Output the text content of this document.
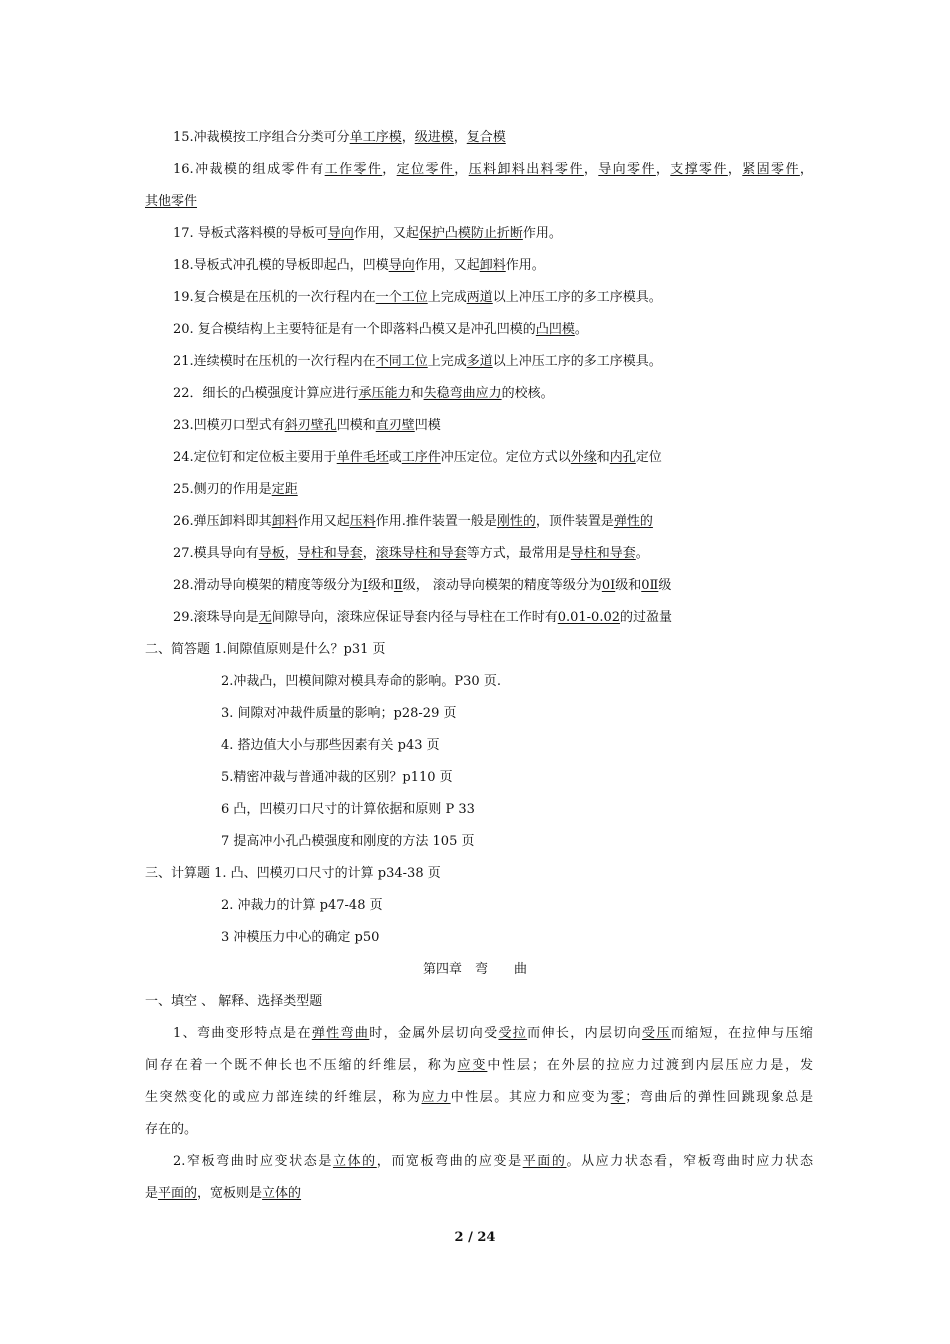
15.冲裁模按工序组合分类可分单工序模，级进模，复合模
16.冲裁模的组成零件有工作零件，定位零件，压料卸料出料零件，导向零件，支撑零件，紧固零件，
其他零件
17. 导板式落料模的导板可导向作用，又起保护凸模防止折断作用。
18.导板式冲孔模的导板即起凸，凹模导向作用，又起卸料作用。
19.复合模是在压机的一次行程内在一个工位上完成两道以上冲压工序的多工序模具。
20. 复合模结构上主要特征是有一个即落料凸模又是冲孔凹模的凸凹模。
21.连续模时在压机的一次行程内在不同工位上完成多道以上冲压工序的多工序模具。
22．细长的凸模强度计算应进行承压能力和失稳弯曲应力的校核。
23.凹模刃口型式有斜刃壁孔凹模和直刃壁凹模
24.定位钉和定位板主要用于单件毛坯或工序件冲压定位。定位方式以外缘和内孔定位
25.侧刃的作用是定距
26.弹压卸料即其卸料作用又起压料作用.推件装置一般是刚性的，顶件装置是弹性的
27.模具导向有导板，导柱和导套，滚珠导柱和导套等方式，最常用是导柱和导套。
28.滑动导向模架的精度等级分为Ⅰ级和Ⅱ级， 滚动导向模架的精度等级分为0Ⅰ级和0Ⅱ级
29.滚珠导向是无间隙导向，滚珠应保证导套内径与导柱在工作时有0.01-0.02的过盈量
二、简答题 1.间隙值原则是什么？p31 页
2.冲裁凸，凹模间隙对模具寿命的影响。P30 页.
3. 间隙对冲裁件质量的影响；p28-29 页
4. 搭边值大小与那些因素有关 p43 页
5.精密冲裁与普通冲裁的区别？p110 页
6 凸，凹模刃口尺寸的计算依据和原则 P 33
7 提高冲小孔凸模强度和刚度的方法 105 页
三、计算题 1. 凸、凹模刃口尺寸的计算 p34-38 页
2. 冲裁力的计算 p47-48 页
3 冲模压力中心的确定 p50
第四章　弯　　曲
一、填空 、 解释、选择类型题
1、弯曲变形特点是在弹性弯曲时，金属外层切向受受拉而伸长，内层切向受压而缩短，在拉伸与压缩
间存在着一个既不伸长也不压缩的纤维层，称为应变中性层；在外层的拉应力过渡到内层压应力是，发
生突然变化的或应力部连续的纤维层，称为应力中性层。其应力和应变为零；弯曲后的弹性回跳现象总是
存在的。
2.窄板弯曲时应变状态是立体的，而宽板弯曲的应变是平面的。从应力状态看，窄板弯曲时应力状态
是平面的，宽板则是立体的
2 / 24
